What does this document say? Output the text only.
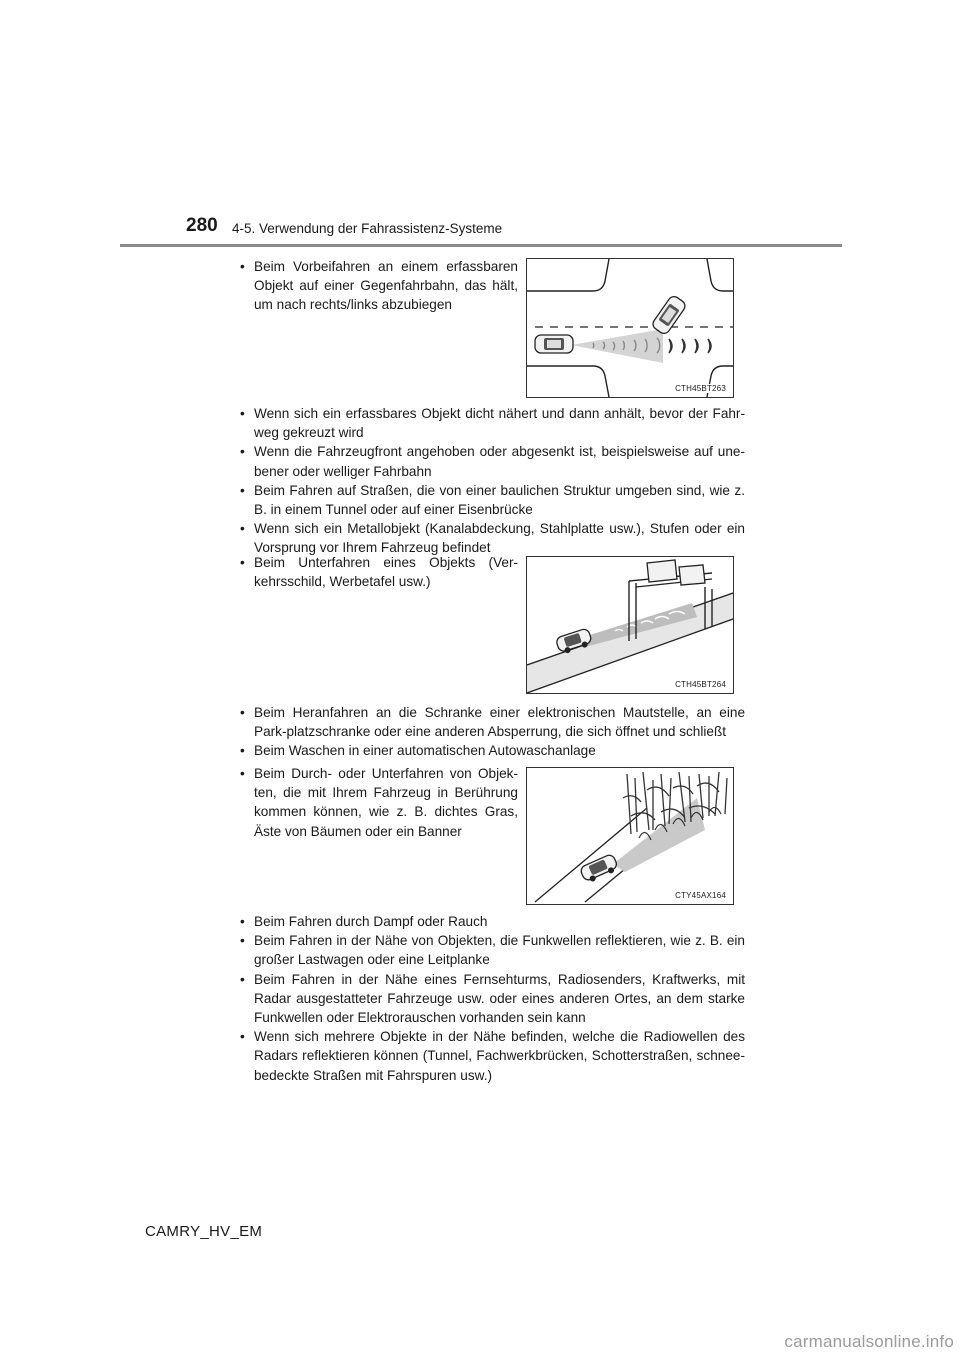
280 4-5. Verwendung der Fahrassistenz-Systeme
• Beim Vorbeifahren an einem erfassbaren Objekt auf einer Gegenfahrbahn, das hält, um nach rechts/links abzubiegen
CTH45BT263
• Wenn sich ein erfassbares Objekt dicht nähert und dann anhält, bevor der Fahr-weg gekreuzt wird
• Wenn die Fahrzeugfront angehoben oder abgesenkt ist, beispielsweise auf une-bener oder welliger Fahrbahn
• Beim Fahren auf Straßen, die von einer baulichen Struktur umgeben sind, wie z. B. in einem Tunnel oder auf einer Eisenbrücke
• Wenn sich ein Metallobjekt (Kanalabdeckung, Stahlplatte usw.), Stufen oder ein Vorsprung vor Ihrem Fahrzeug befindet
• Beim Unterfahren eines Objekts (Ver-kehrsschild, Werbetafel usw.)
CTH45BT264
• Beim Heranfahren an die Schranke einer elektronischen Mautstelle, an eine Park-platzschranke oder eine anderen Absperrung, die sich öffnet und schließt
• Beim Waschen in einer automatischen Autowaschanlage
• Beim Durch- oder Unterfahren von Objek-ten, die mit Ihrem Fahrzeug in Berührung kommen können, wie z. B. dichtes Gras, Äste von Bäumen oder ein Banner
CTY45AX164
• Beim Fahren durch Dampf oder Rauch
• Beim Fahren in der Nähe von Objekten, die Funkwellen reflektieren, wie z. B. ein großer Lastwagen oder eine Leitplanke
• Beim Fahren in der Nähe eines Fernsehturms, Radiosenders, Kraftwerks, mit Radar ausgestatteter Fahrzeuge usw. oder eines anderen Ortes, an dem starke Funkwellen oder Elektrorauschen vorhanden sein kann
• Wenn sich mehrere Objekte in der Nähe befinden, welche die Radiowellen des Radars reflektieren können (Tunnel, Fachwerkbrücken, Schotterstraßen, schnee-bedeckte Straßen mit Fahrspuren usw.)
CAMRY_HV_EM
carmanualsonline.info
